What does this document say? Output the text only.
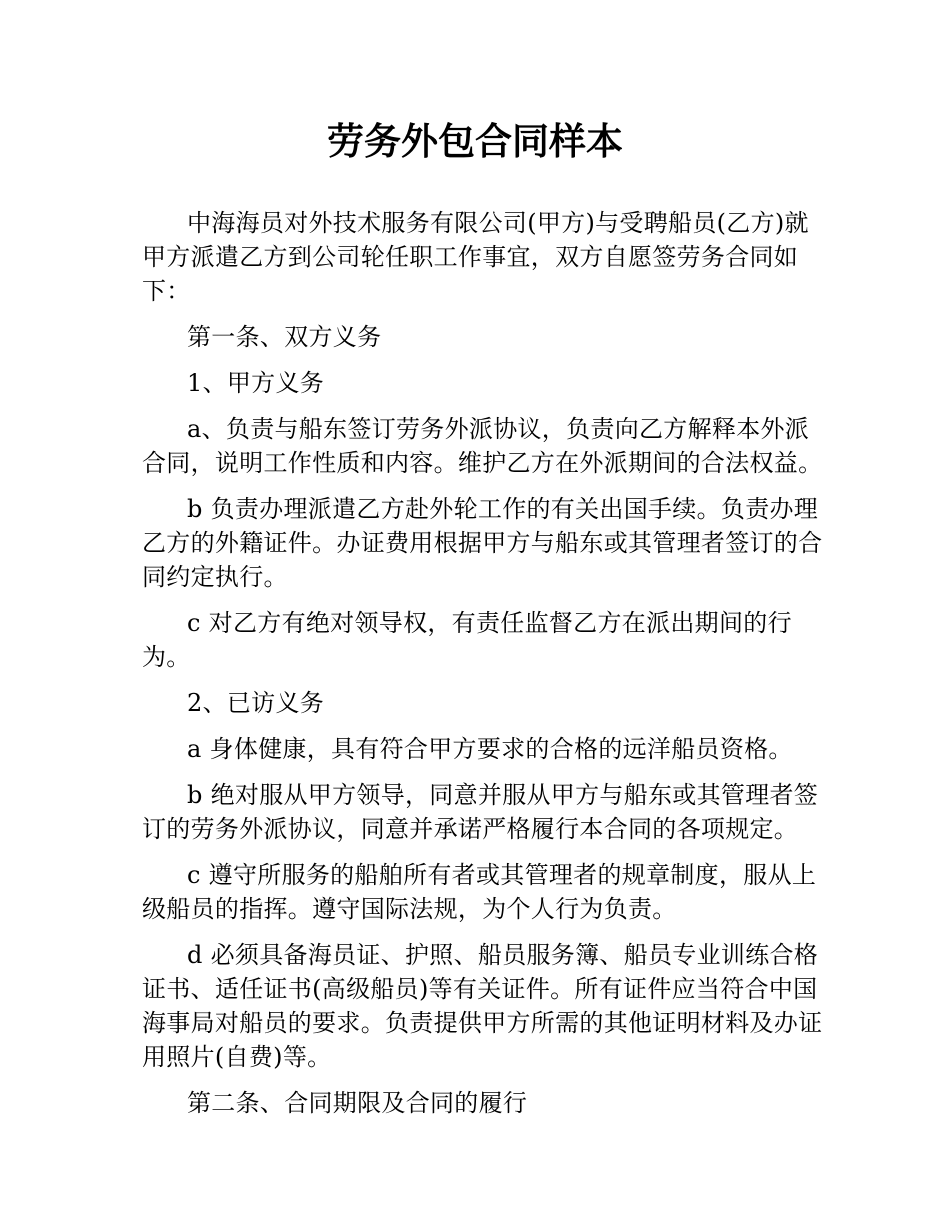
劳务外包合同样本

中海海员对外技术服务有限公司(甲方)与受聘船员(乙方)就甲方派遣乙方到公司轮任职工作事宜，双方自愿签劳务合同如下：

第一条、双方义务

1、甲方义务

a、负责与船东签订劳务外派协议，负责向乙方解释本外派合同，说明工作性质和内容。维护乙方在外派期间的合法权益。

b 负责办理派遣乙方赴外轮工作的有关出国手续。负责办理乙方的外籍证件。办证费用根据甲方与船东或其管理者签订的合同约定执行。

c 对乙方有绝对领导权，有责任监督乙方在派出期间的行为。

2、已访义务

a 身体健康，具有符合甲方要求的合格的远洋船员资格。

b 绝对服从甲方领导，同意并服从甲方与船东或其管理者签订的劳务外派协议，同意并承诺严格履行本合同的各项规定。

c 遵守所服务的船舶所有者或其管理者的规章制度，服从上级船员的指挥。遵守国际法规，为个人行为负责。

d 必须具备海员证、护照、船员服务簿、船员专业训练合格证书、适任证书(高级船员)等有关证件。所有证件应当符合中国海事局对船员的要求。负责提供甲方所需的其他证明材料及办证用照片(自费)等。

第二条、合同期限及合同的履行
